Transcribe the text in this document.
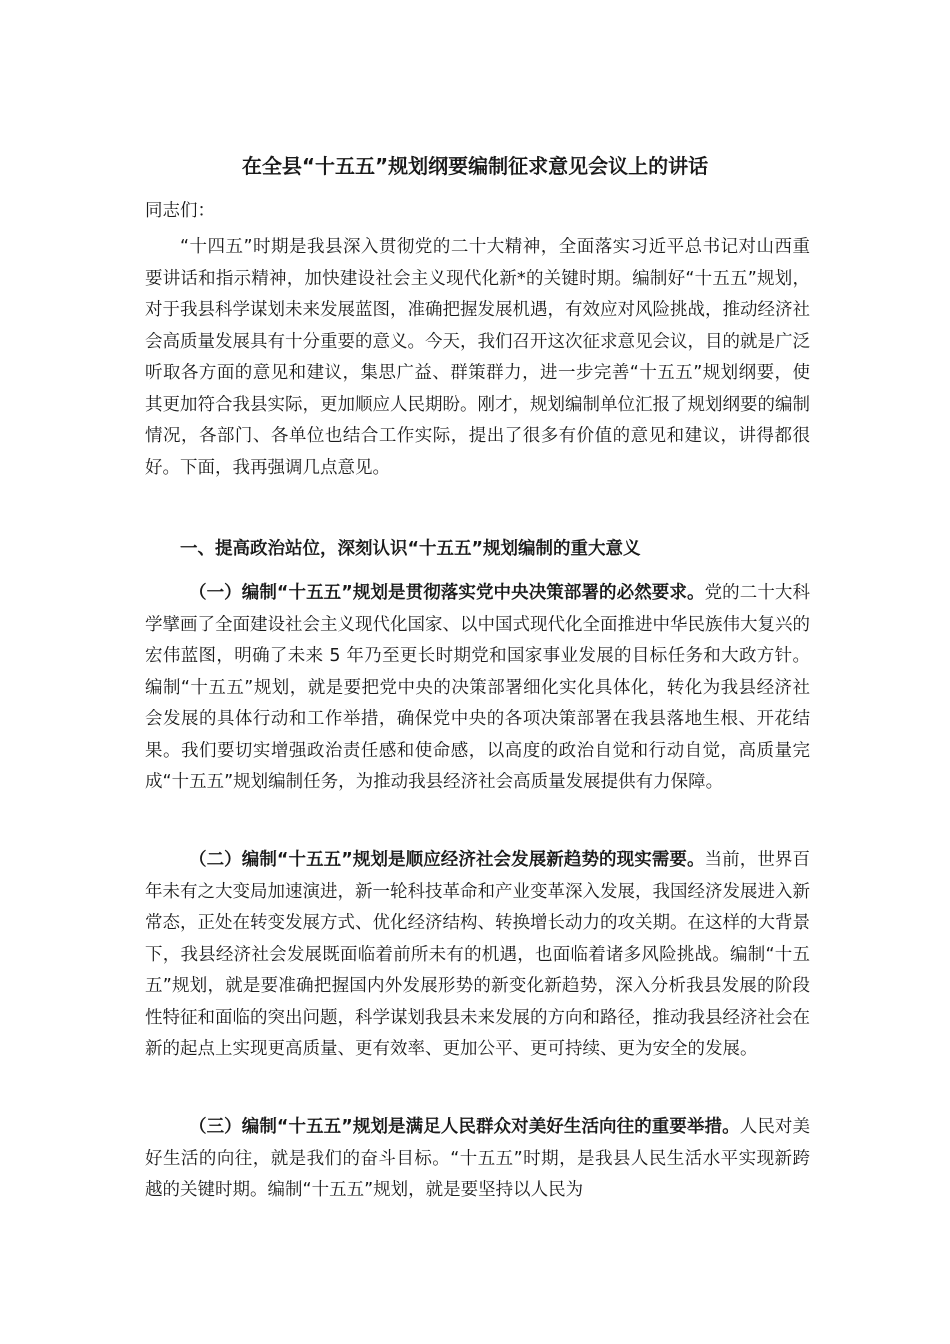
在全县“十五五”规划纲要编制征求意见会议上的讲话

同志们：

“十四五”时期是我县深入贯彻党的二十大精神，全面落实习近平总书记对山西重要讲话和指示精神，加快建设社会主义现代化新*的关键时期。编制好“十五五”规划，对于我县科学谋划未来发展蓝图，准确把握发展机遇，有效应对风险挑战，推动经济社会高质量发展具有十分重要的意义。今天，我们召开这次征求意见会议，目的就是广泛听取各方面的意见和建议，集思广益、群策群力，进一步完善“十五五”规划纲要，使其更加符合我县实际，更加顺应人民期盼。刚才，规划编制单位汇报了规划纲要的编制情况，各部门、各单位也结合工作实际，提出了很多有价值的意见和建议，讲得都很好。下面，我再强调几点意见。

一、提高政治站位，深刻认识“十五五”规划编制的重大意义

（一）编制“十五五”规划是贯彻落实党中央决策部署的必然要求。党的二十大科学擘画了全面建设社会主义现代化国家、以中国式现代化全面推进中华民族伟大复兴的宏伟蓝图，明确了未来 5 年乃至更长时期党和国家事业发展的目标任务和大政方针。编制“十五五”规划，就是要把党中央的决策部署细化实化具体化，转化为我县经济社会发展的具体行动和工作举措，确保党中央的各项决策部署在我县落地生根、开花结果。我们要切实增强政治责任感和使命感，以高度的政治自觉和行动自觉，高质量完成“十五五”规划编制任务，为推动我县经济社会高质量发展提供有力保障。

（二）编制“十五五”规划是顺应经济社会发展新趋势的现实需要。当前，世界百年未有之大变局加速演进，新一轮科技革命和产业变革深入发展，我国经济发展进入新常态，正处在转变发展方式、优化经济结构、转换增长动力的攻关期。在这样的大背景下，我县经济社会发展既面临着前所未有的机遇，也面临着诸多风险挑战。编制“十五五”规划，就是要准确把握国内外发展形势的新变化新趋势，深入分析我县发展的阶段性特征和面临的突出问题，科学谋划我县未来发展的方向和路径，推动我县经济社会在新的起点上实现更高质量、更有效率、更加公平、更可持续、更为安全的发展。

（三）编制“十五五”规划是满足人民群众对美好生活向往的重要举措。人民对美好生活的向往，就是我们的奋斗目标。“十五五”时期，是我县人民生活水平实现新跨越的关键时期。编制“十五五”规划，就是要坚持以人民为
